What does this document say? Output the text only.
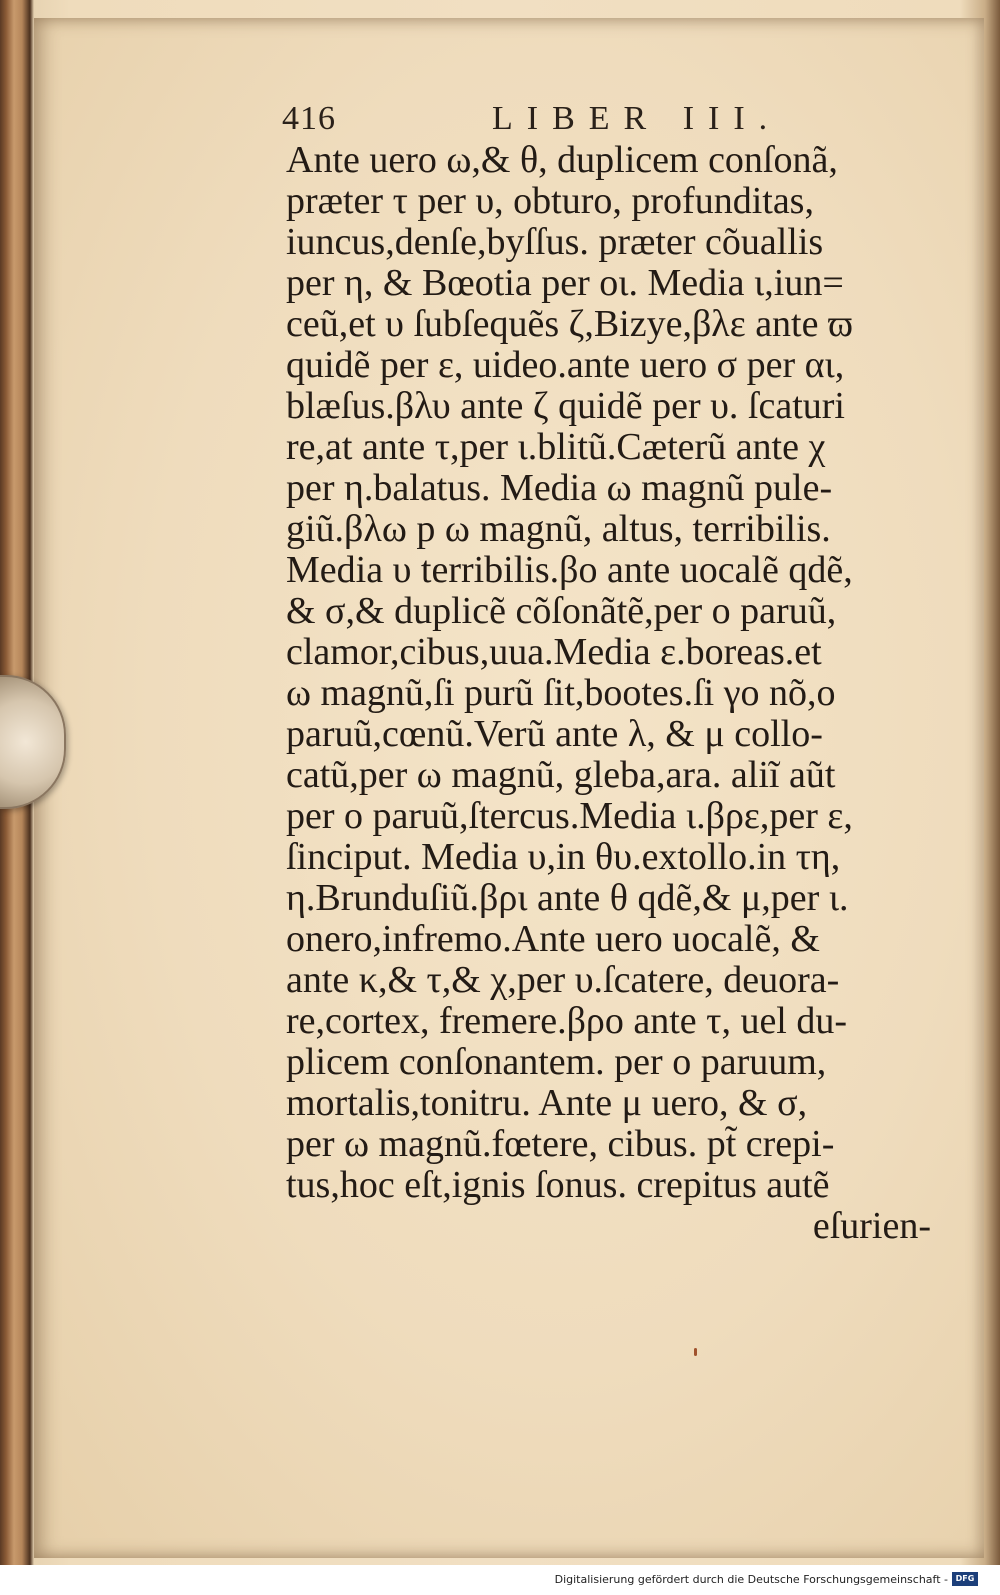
416	LIBER III.
Ante uero ω,& θ, duplicem conſonã,
præter τ per υ, obturo, profunditas,
iuncus,denſe,byſſus. præter cõuallis
per η, & Bœotia per οι. Media ι,iun=
ceũ,et υ ſubſequẽs ζ,Bizye,βλε ante ϖ
quidẽ per ε, uideo.ante uero σ per αι,
blæſus.βλυ ante ζ quidẽ per υ. ſcaturi
re,at ante τ,per ι.blitũ.Cæterũ ante χ
per η.balatus. Media ω magnũ pule-
giũ.βλω p ω magnũ, altus, terribilis.
Media υ terribilis.βο ante uocalẽ qdẽ,
& σ,& duplicẽ cõſonãtẽ,per ο paruũ,
clamor,cibus,uua.Media ε.boreas.et
ω magnũ,ſi purũ ſit,bootes.ſi γο nõ,ο
paruũ,cœnũ.Verũ ante λ, & μ collo-
catũ,per ω magnũ, gleba,ara. aliĩ aũt
per ο paruũ,ſtercus.Media ι.βρε,per ε,
ſinciput. Media υ,in θυ.extollo.in τη,
η.Brunduſiũ.βρι ante θ qdẽ,& μ,per ι.
onero,infremo.Ante uero uocalẽ, &
ante κ,& τ,& χ,per υ.ſcatere, deuora-
re,cortex, fremere.βρο ante τ, uel du-
plicem conſonantem. per ο paruum,
mortalis,tonitru. Ante μ uero, & σ,
per ω magnũ.fœtere, cibus. pt̃ crepi-
tus,hoc eſt,ignis ſonus. crepitus autẽ
eſurien-
Digitalisierung gefördert durch die Deutsche Forschungsgemeinschaft - DFG
